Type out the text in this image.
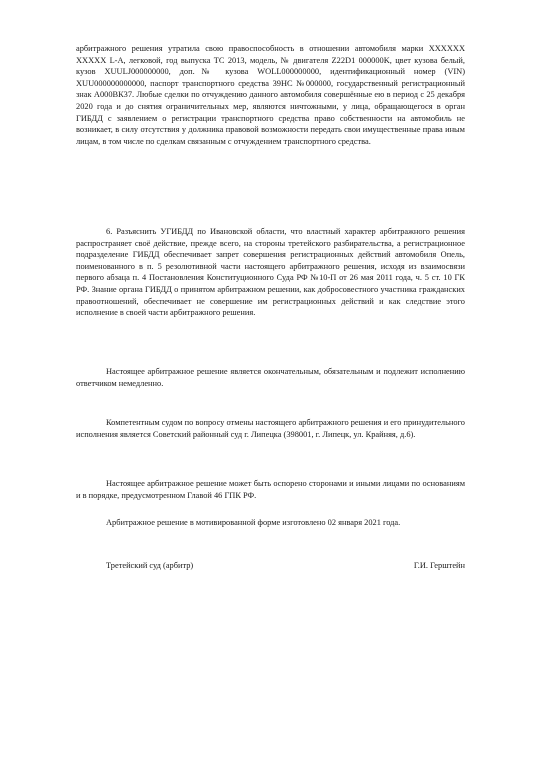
арбитражного решения утратила свою правоспособность в отношении автомобиля марки XXXXXX XXXXX L-A, легковой, год выпуска ТС 2013, модель, № двигателя Z22D1 000000K, цвет кузова белый, кузов XUULJ000000000, доп.№ кузова WOLL000000000, идентификационный номер (VIN) XUU000000000000, паспорт транспортного средства 39НС №000000, государственный регистрационный знак А000ВК37. Любые сделки по отчуждению данного автомобиля совершённые ею в период с 25 декабря 2020 года и до снятия ограничительных мер, являются ничтожными, у лица, обращающегося в орган ГИБДД с заявлением о регистрации транспортного средства право собственности на автомобиль не возникает, в силу отсутствия у должника правовой возможности передать свои имущественные права иным лицам, в том числе по сделкам связанным с отчуждением транспортного средства.

6. Разъяснить УГИБДД по Ивановской области, что властный характер арбитражного решения распространяет своё действие, прежде всего, на стороны третейского разбирательства, а регистрационное подразделение ГИБДД обеспечивает запрет совершения регистрационных действий автомобиля Опель, поименованного в п. 5 резолютивной части настоящего арбитражного решения, исходя из взаимосвязи первого абзаца п. 4 Постановления Конституционного Суда РФ №10-П от 26 мая 2011 года, ч. 5 ст. 10 ГК РФ. Знание органа ГИБДД о принятом арбитражном решении, как добросовестного участника гражданских правоотношений, обеспечивает не совершение им регистрационных действий и как следствие этого исполнение в своей части арбитражного решения.

Настоящее арбитражное решение является окончательным, обязательным и подлежит исполнению ответчиком немедленно.

Компетентным судом по вопросу отмены настоящего арбитражного решения и его принудительного исполнения является Советский районный суд г. Липецка (398001, г. Липецк, ул. Крайняя, д.6).

Настоящее арбитражное решение может быть оспорено сторонами и иными лицами по основаниям и в порядке, предусмотренном Главой 46 ГПК РФ.

Арбитражное решение в мотивированной форме изготовлено 02 января 2021 года.

Третейский суд (арбитр)	Г.И. Герштейн
